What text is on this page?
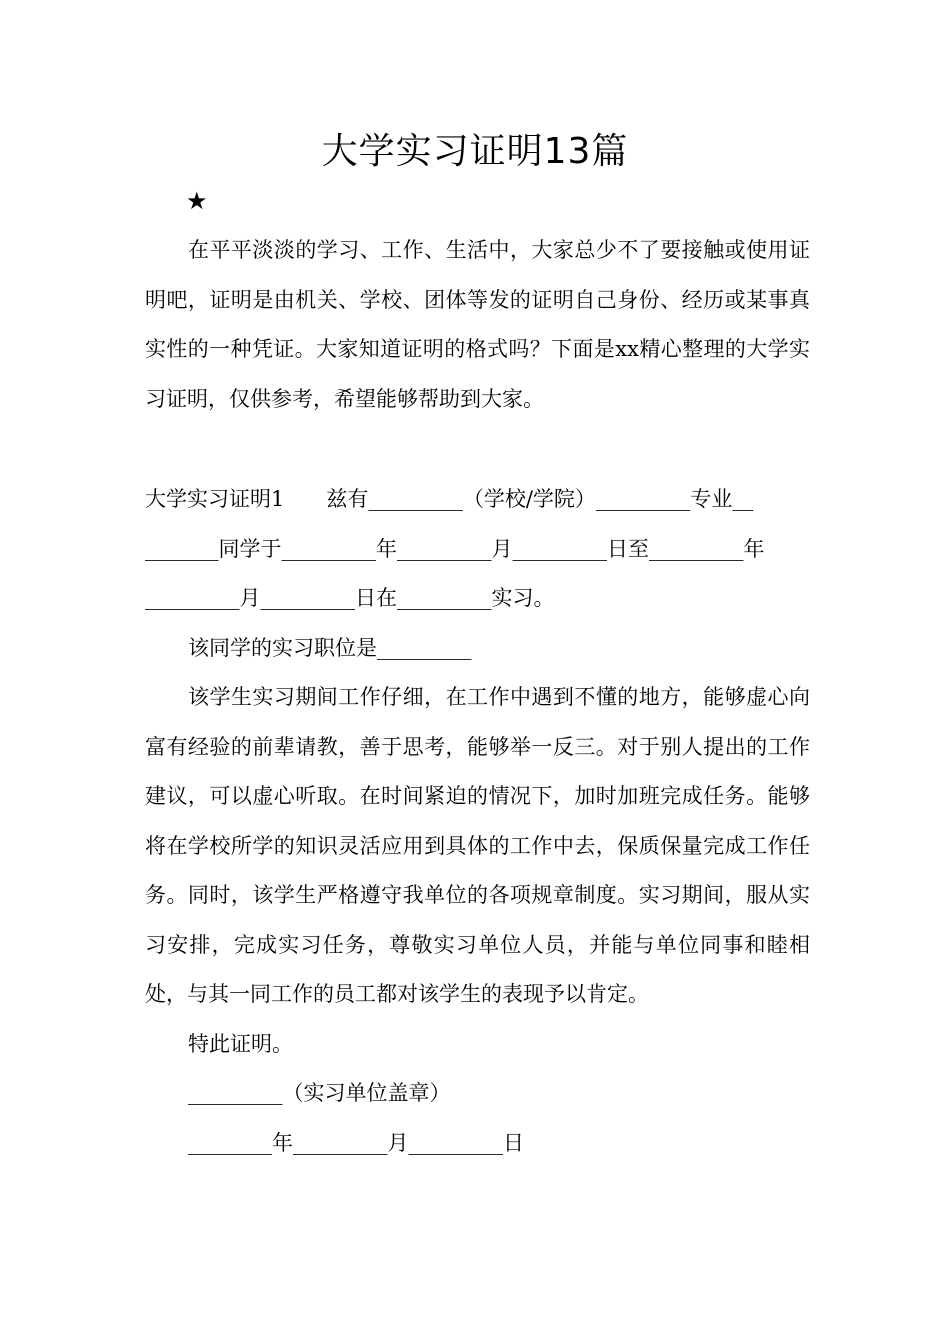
大学实习证明13篇
★

在平平淡淡的学习、工作、生活中，大家总少不了要接触或使用证明吧，证明是由机关、学校、团体等发的证明自己身份、经历或某事真实性的一种凭证。大家知道证明的格式吗？下面是xx精心整理的大学实习证明，仅供参考，希望能够帮助到大家。

大学实习证明1　　兹有_________（学校/学院）_________专业__
_______同学于_________年_________月_________日至_________年
_________月_________日在_________实习。

该同学的实习职位是_________

该学生实习期间工作仔细，在工作中遇到不懂的地方，能够虚心向富有经验的前辈请教，善于思考，能够举一反三。对于别人提出的工作建议，可以虚心听取。在时间紧迫的情况下，加时加班完成任务。能够将在学校所学的知识灵活应用到具体的工作中去，保质保量完成工作任务。同时，该学生严格遵守我单位的各项规章制度。实习期间，服从实习安排，完成实习任务，尊敬实习单位人员，并能与单位同事和睦相处，与其一同工作的员工都对该学生的表现予以肯定。

特此证明。

_________（实习单位盖章）

________年_________月_________日
